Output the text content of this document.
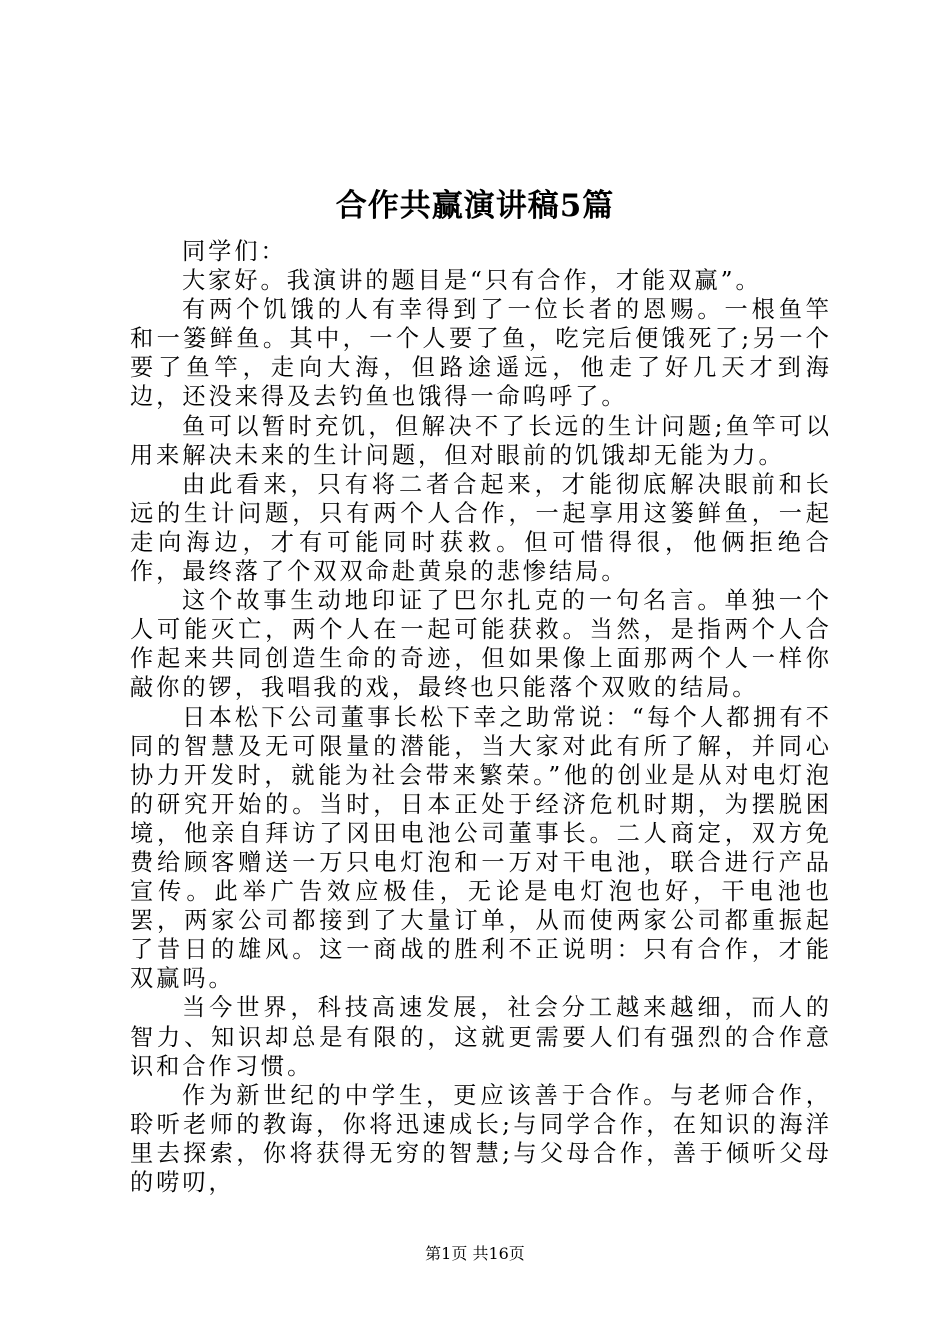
合作共赢演讲稿5篇

同学们：

大家好。我演讲的题目是“只有合作，才能双赢”。

有两个饥饿的人有幸得到了一位长者的恩赐。一根鱼竿和一篓鲜鱼。其中，一个人要了鱼，吃完后便饿死了;另一个要了鱼竿，走向大海，但路途遥远，他走了好几天才到海边，还没来得及去钓鱼也饿得一命呜呼了。

鱼可以暂时充饥，但解决不了长远的生计问题;鱼竿可以用来解决未来的生计问题，但对眼前的饥饿却无能为力。

由此看来，只有将二者合起来，才能彻底解决眼前和长远的生计问题，只有两个人合作，一起享用这篓鲜鱼，一起走向海边，才有可能同时获救。但可惜得很，他俩拒绝合作，最终落了个双双命赴黄泉的悲惨结局。

这个故事生动地印证了巴尔扎克的一句名言。单独一个人可能灭亡，两个人在一起可能获救。当然，是指两个人合作起来共同创造生命的奇迹，但如果像上面那两个人一样你敲你的锣，我唱我的戏，最终也只能落个双败的结局。

日本松下公司董事长松下幸之助常说：“每个人都拥有不同的智慧及无可限量的潜能，当大家对此有所了解，并同心协力开发时，就能为社会带来繁荣。”他的创业是从对电灯泡的研究开始的。当时，日本正处于经济危机时期，为摆脱困境，他亲自拜访了冈田电池公司董事长。二人商定，双方免费给顾客赠送一万只电灯泡和一万对干电池，联合进行产品宣传。此举广告效应极佳，无论是电灯泡也好，干电池也罢，两家公司都接到了大量订单，从而使两家公司都重振起了昔日的雄风。这一商战的胜利不正说明：只有合作，才能双赢吗。

当今世界，科技高速发展，社会分工越来越细，而人的智力、知识却总是有限的，这就更需要人们有强烈的合作意识和合作习惯。

作为新世纪的中学生，更应该善于合作。与老师合作，聆听老师的教诲，你将迅速成长;与同学合作，在知识的海洋里去探索，你将获得无穷的智慧;与父母合作，善于倾听父母的唠叨，

第1页 共16页
